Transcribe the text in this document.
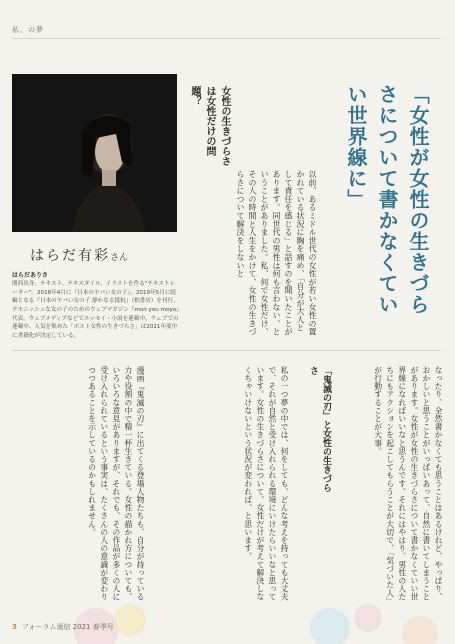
私、の夢
はらだ有彩さん
はらだありさ
関西出身。テキスト、テキスタイル、イラストを作る"テキストレーター"。2018年4月に『日本のヤバい女の子』、2019年5月に続編となる『日本のヤバい女の子 静かなる抵抗』（柏書房）を刊行。デモニッシュな女の子のためのウェブマガジン『mon you moyo』代表。ウェブメディアなどでエッセイ・小説を連載中。ウェブでの連載中、人気を集めた「ポスト女性の生きづらさ」は2021年度中に書籍化が決定している。
「女性が女性の生きづらさについて書かなくていい世界線に」
女性の生きづらさは女性だけの問題？
以前、あるミドル世代の女性が若い女性の置かれている状況に胸を痛め、「自分が大人として責任を感じる」と話すのを聞いたことがあります。同世代の男性は何も言わない、ということがありました。私、何で女性だけ、その人の時間と人生をかけて、女性の生きづらさについて解決をしないと
なったり、全然書かなくても思うことはあるけれど、やっぱり、おかしいと思うことがいっぱいあって、自然に書いてしまうことがあります。女性が女性の生きづらさについて書かなくていい世界線になればいいなと思うんです。それにはやはり、男性の人たちにもアクションを起こしてもらうことが大切で、「気づいた人」が行動することが大事。
「鬼滅の刃」と女性の生きづらさ
私の一つ夢の中では、何をしても、どんな考えを持っても大丈夫で、それが自然と受け入れられる環境にいけたらいいなと思っています。女性の生きづらさについて、女性だけが考えて解決しなくちゃいけないという状況が変われば、と思います。
漫画『鬼滅の刃』に出てくる登場人物たちも、自分が持っている力や役割の中で精一杯生きている。女性の描かれ方についても、いろいろな意見がありますが、それでも、その作品が多くの人に受け入れられているという事実は、たくさんの人の意識が変わりつつあることを示しているのかもしれません。
3 フォーラム通信 2021 春季号
